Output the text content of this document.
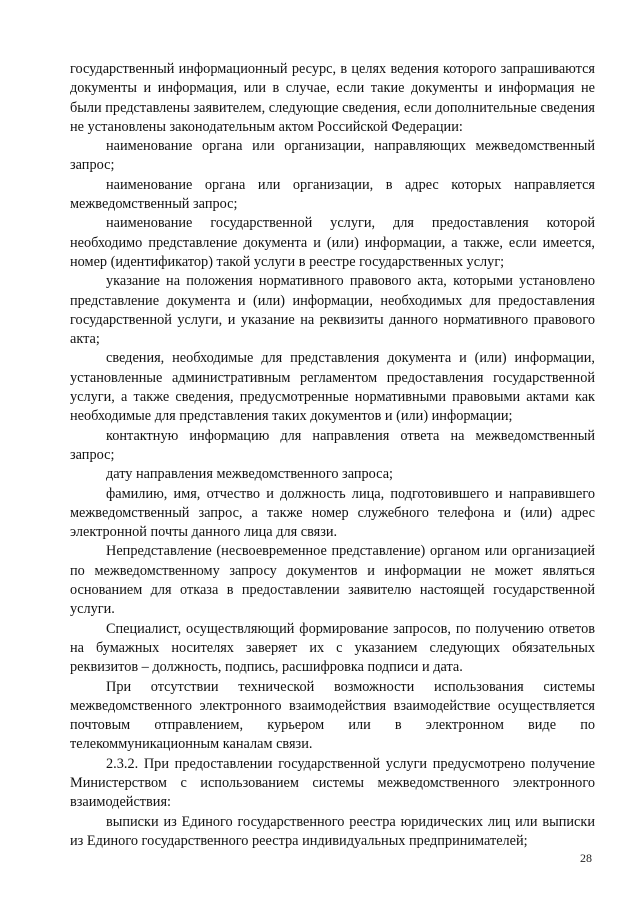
государственный информационный ресурс, в целях ведения которого запрашиваются документы и информация, или в случае, если такие документы и информация не были представлены заявителем, следующие сведения, если дополнительные сведения не установлены законодательным актом Российской Федерации:

наименование органа или организации, направляющих межведомственный запрос;

наименование органа или организации, в адрес которых направляется межведомственный запрос;

наименование государственной услуги, для предоставления которой необходимо представление документа и (или) информации, а также, если имеется, номер (идентификатор) такой услуги в реестре государственных услуг;

указание на положения нормативного правового акта, которыми установлено представление документа и (или) информации, необходимых для предоставления государственной услуги, и указание на реквизиты данного нормативного правового акта;

сведения, необходимые для представления документа и (или) информации, установленные административным регламентом предоставления государственной услуги, а также сведения, предусмотренные нормативными правовыми актами как необходимые для представления таких документов и (или) информации;

контактную информацию для направления ответа на межведомственный запрос;

дату направления межведомственного запроса;

фамилию, имя, отчество и должность лица, подготовившего и направившего межведомственный запрос, а также номер служебного телефона и (или) адрес электронной почты данного лица для связи.

Непредставление (несвоевременное представление) органом или организацией по межведомственному запросу документов и информации не может являться основанием для отказа в предоставлении заявителю настоящей государственной услуги.

Специалист, осуществляющий формирование запросов, по получению ответов на бумажных носителях заверяет их с указанием следующих обязательных реквизитов – должность, подпись, расшифровка подписи и дата.

При отсутствии технической возможности использования системы межведомственного электронного взаимодействия взаимодействие осуществляется почтовым отправлением, курьером или в электронном виде по телекоммуникационным каналам связи.

2.3.2. При предоставлении государственной услуги предусмотрено получение Министерством с использованием системы межведомственного электронного взаимодействия:

выписки из Единого государственного реестра юридических лиц или выписки из Единого государственного реестра индивидуальных предпринимателей;

28
